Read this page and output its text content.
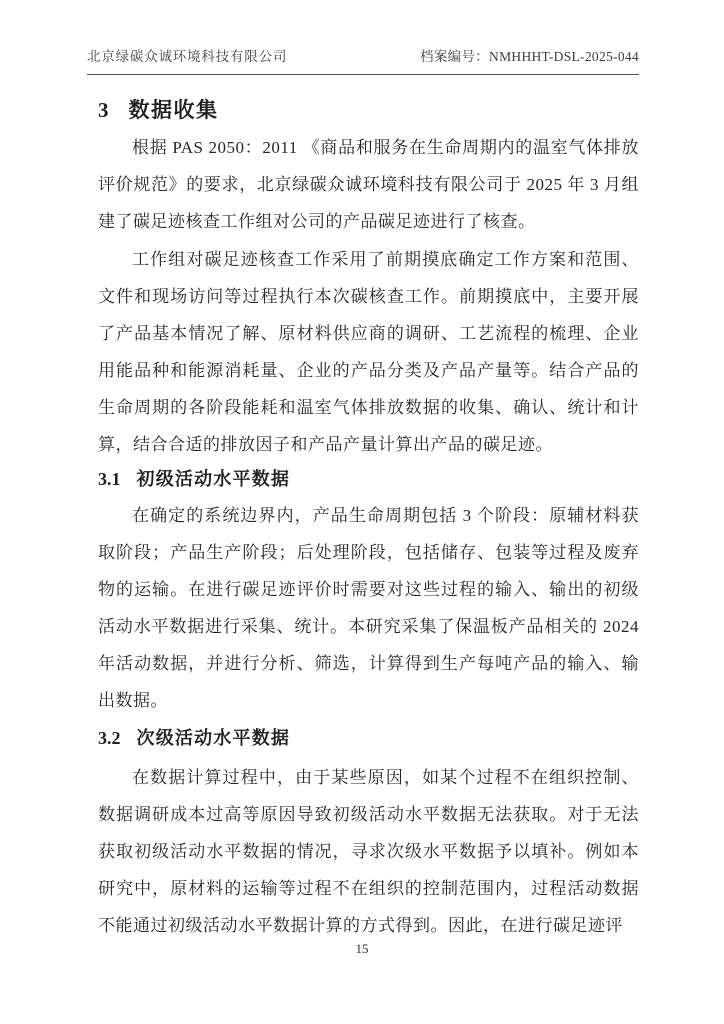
北京绿碳众诚环境科技有限公司	档案编号：NMHHHT-DSL-2025-044
3 数据收集

根据 PAS 2050：2011 《商品和服务在生命周期内的温室气体排放评价规范》的要求，北京绿碳众诚环境科技有限公司于 2025 年 3 月组建了碳足迹核查工作组对公司的产品碳足迹进行了核查。

工作组对碳足迹核查工作采用了前期摸底确定工作方案和范围、文件和现场访问等过程执行本次碳核查工作。前期摸底中，主要开展了产品基本情况了解、原材料供应商的调研、工艺流程的梳理、企业用能品种和能源消耗量、企业的产品分类及产品产量等。结合产品的生命周期的各阶段能耗和温室气体排放数据的收集、确认、统计和计算，结合合适的排放因子和产品产量计算出产品的碳足迹。

3.1 初级活动水平数据

在确定的系统边界内，产品生命周期包括 3 个阶段：原辅材料获取阶段；产品生产阶段；后处理阶段，包括储存、包装等过程及废弃物的运输。在进行碳足迹评价时需要对这些过程的输入、输出的初级活动水平数据进行采集、统计。本研究采集了保温板产品相关的 2024 年活动数据，并进行分析、筛选，计算得到生产每吨产品的输入、输出数据。

3.2 次级活动水平数据

在数据计算过程中，由于某些原因，如某个过程不在组织控制、数据调研成本过高等原因导致初级活动水平数据无法获取。对于无法获取初级活动水平数据的情况，寻求次级水平数据予以填补。例如本研究中，原材料的运输等过程不在组织的控制范围内，过程活动数据不能通过初级活动水平数据计算的方式得到。因此，在进行碳足迹评

15
